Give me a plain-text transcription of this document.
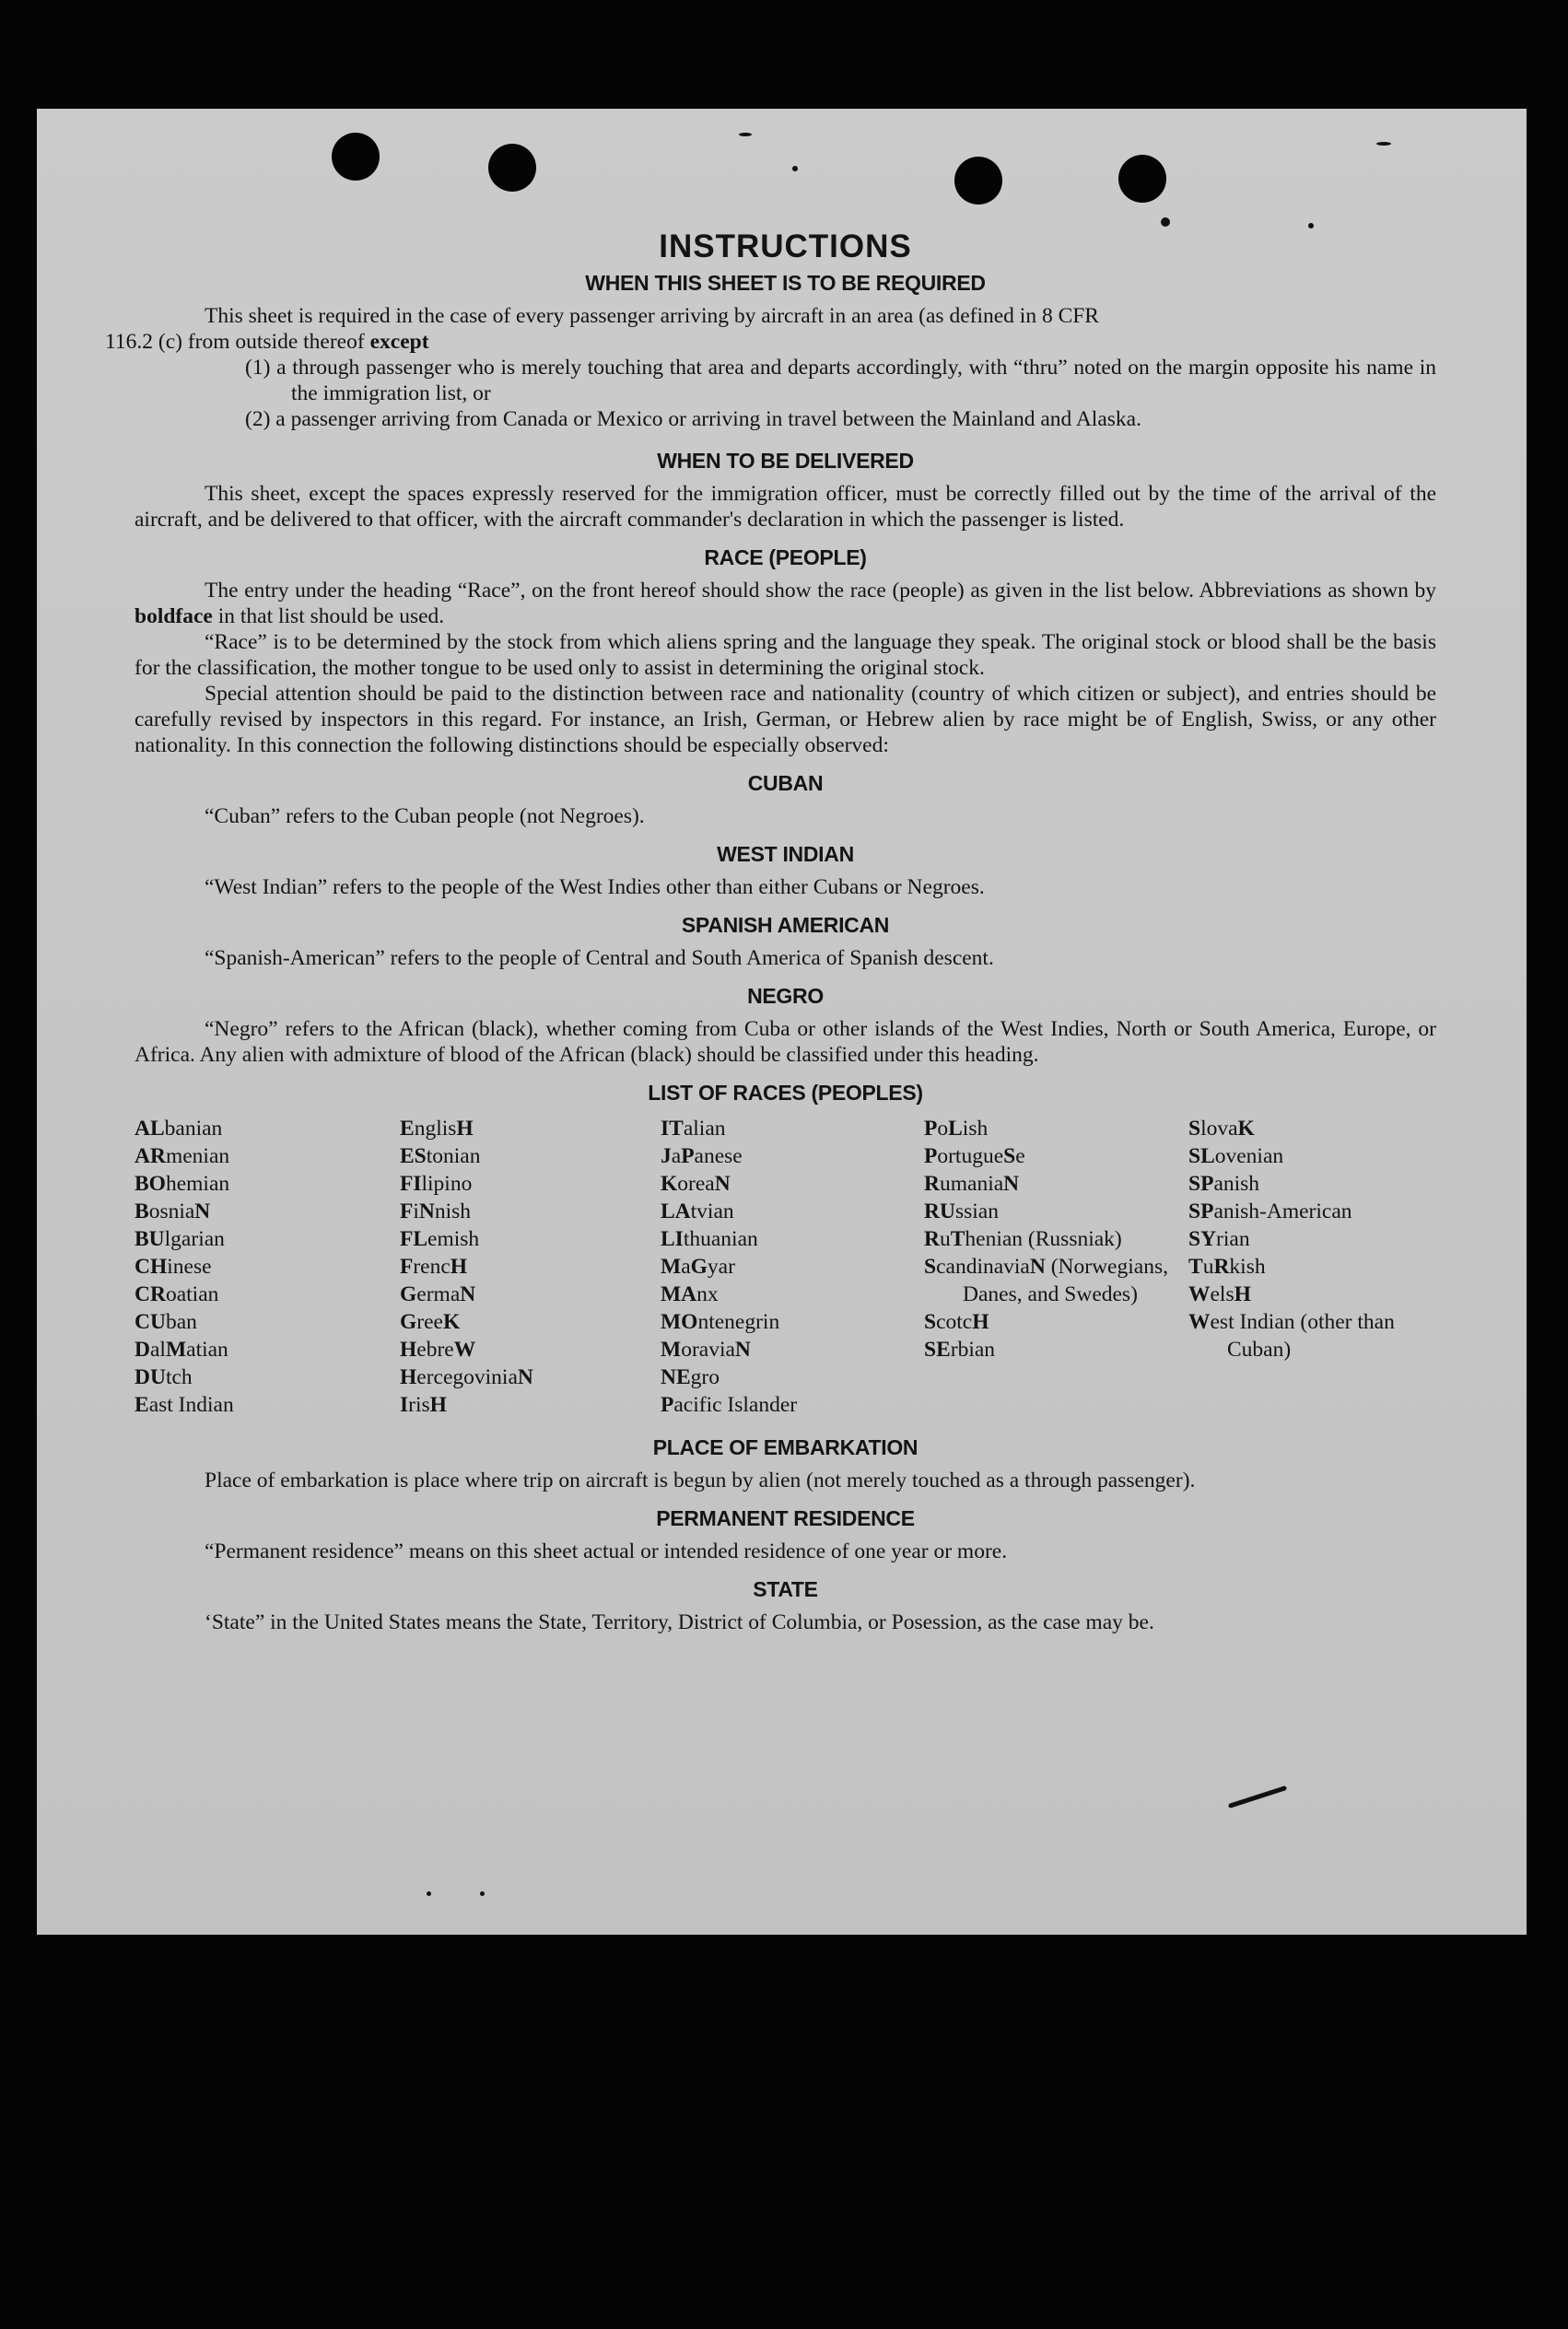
INSTRUCTIONS
WHEN THIS SHEET IS TO BE REQUIRED

This sheet is required in the case of every passenger arriving by aircraft in an area (as defined in 8 CFR
116.2 (c) from outside thereof except

(1) a through passenger who is merely touching that area and departs accordingly, with “thru” noted on the margin opposite his name in the immigration list, or

(2) a passenger arriving from Canada or Mexico or arriving in travel between the Mainland and Alaska.

WHEN TO BE DELIVERED

This sheet, except the spaces expressly reserved for the immigration officer, must be correctly filled out by the time of the arrival of the aircraft, and be delivered to that officer, with the aircraft commander's declaration in which the passenger is listed.

RACE (PEOPLE)

The entry under the heading “Race”, on the front hereof should show the race (people) as given in the list below. Abbreviations as shown by boldface in that list should be used.

“Race” is to be determined by the stock from which aliens spring and the language they speak. The original stock or blood shall be the basis for the classification, the mother tongue to be used only to assist in determining the original stock.

Special attention should be paid to the distinction between race and nationality (country of which citizen or subject), and entries should be carefully revised by inspectors in this regard. For instance, an Irish, German, or Hebrew alien by race might be of English, Swiss, or any other nationality. In this connection the following distinctions should be especially observed:

CUBAN

“Cuban” refers to the Cuban people (not Negroes).

WEST INDIAN

“West Indian” refers to the people of the West Indies other than either Cubans or Negroes.

SPANISH AMERICAN

“Spanish-American” refers to the people of Central and South America of Spanish descent.

NEGRO

“Negro” refers to the African (black), whether coming from Cuba or other islands of the West Indies, North or South America, Europe, or Africa. Any alien with admixture of blood of the African (black) should be classified under this heading.

LIST OF RACES (PEOPLES)
ALbanian
ARmenian
BOhemian
BosniaN
BUlgarian
CHinese
CRoatian
CUban
DalMatian
DUtch
East Indian
EnglisH
EStonian
FIlipino
FiNnish
FLemish
FrencH
GermaN
GreeK
HebreW
HercegoviniaN
IrisH
ITalian
JaPanese
KoreaN
LAtvian
LIthuanian
MaGyar
MAnx
MOntenegrin
MoraviaN
NEgro
Pacific Islander
PoLish
PortugueSe
RumaniaN
RUssian
RuThenian (Russniak)
ScandinaviaN (Norwegians, Danes, and Swedes)
ScotcH
SErbian
SlovaK
SLovenian
SPanish
SPanish-American
SYrian
TuRkish
WelsH
West Indian (other than Cuban)
PLACE OF EMBARKATION

Place of embarkation is place where trip on aircraft is begun by alien (not merely touched as a through passenger).

PERMANENT RESIDENCE

“Permanent residence” means on this sheet actual or intended residence of one year or more.

STATE

‘State” in the United States means the State, Territory, District of Columbia, or Posession, as the case may be.
